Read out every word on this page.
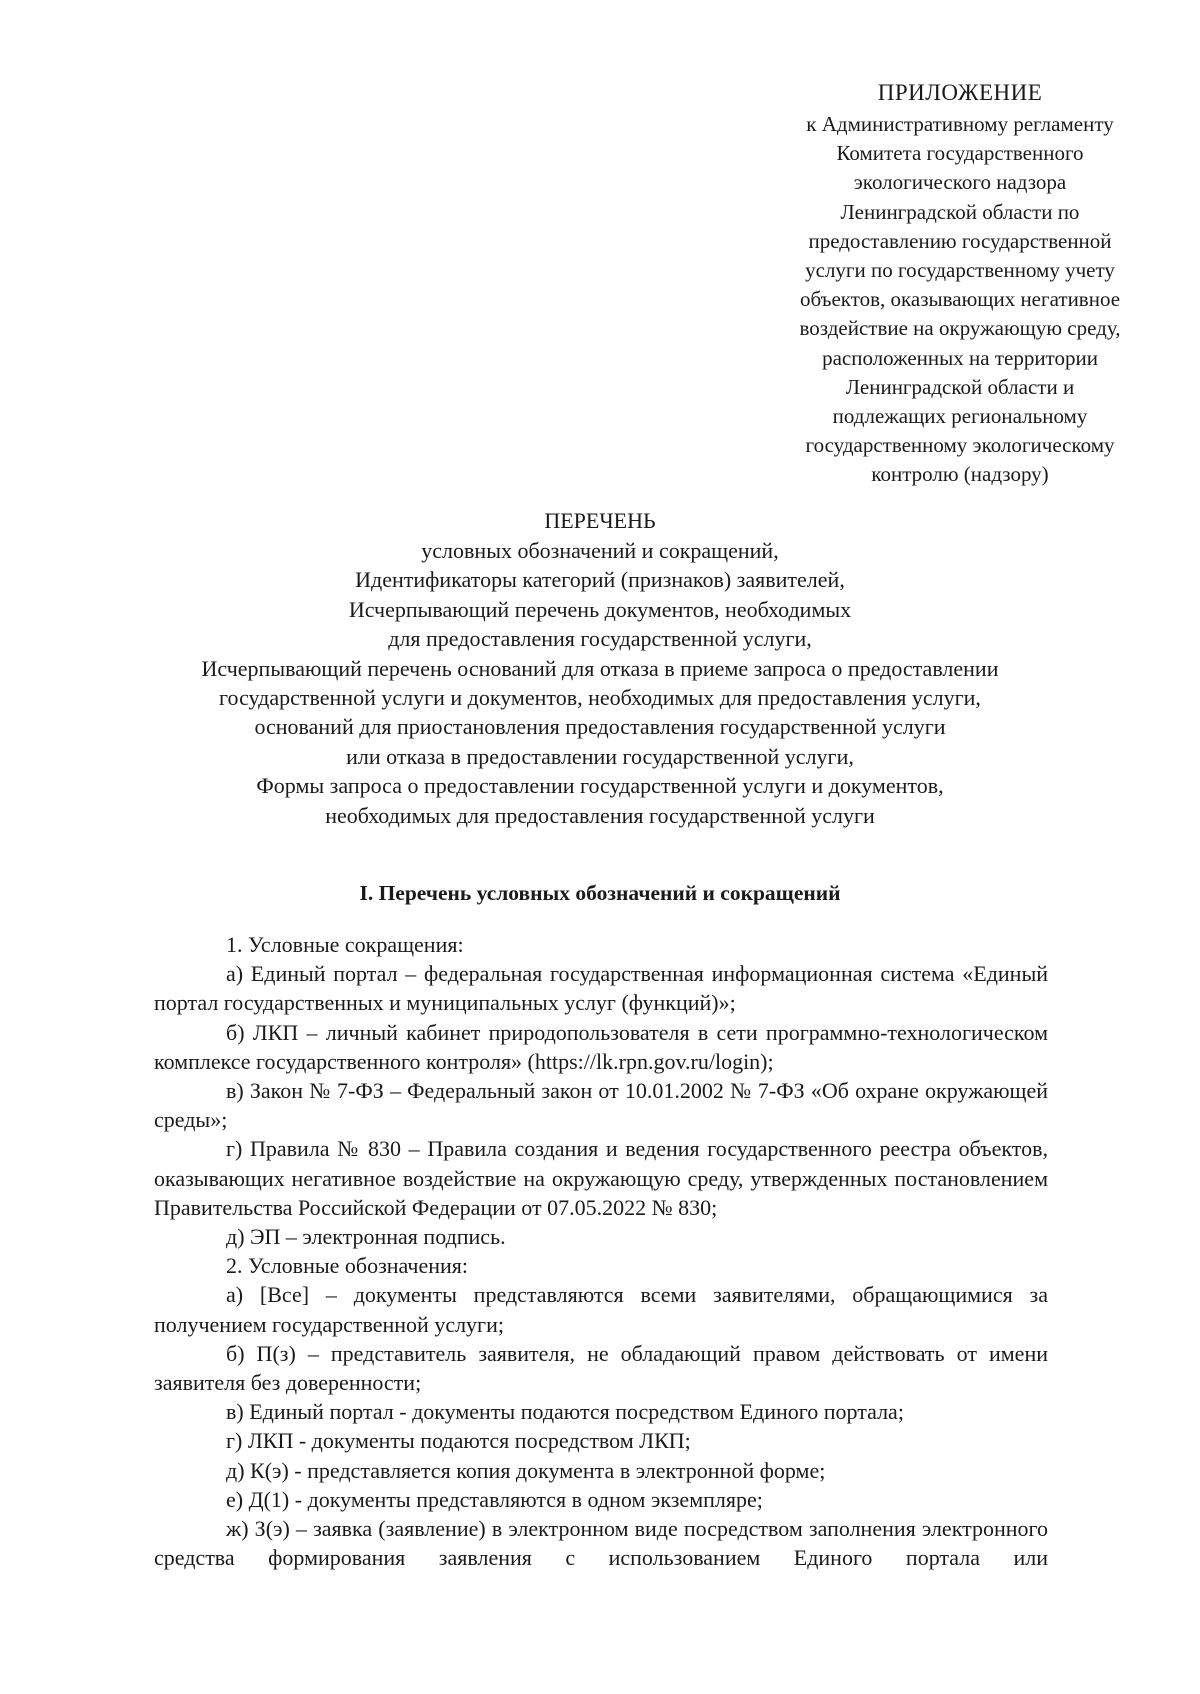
ПРИЛОЖЕНИЕ
к Административному регламенту
Комитета государственного
экологического надзора
Ленинградской области по
предоставлению государственной
услуги по государственному учету
объектов, оказывающих негативное
воздействие на окружающую среду,
расположенных на территории
Ленинградской области и
подлежащих региональному
государственному экологическому
контролю (надзору)
ПЕРЕЧЕНЬ
условных обозначений и сокращений,
Идентификаторы категорий (признаков) заявителей,
Исчерпывающий перечень документов, необходимых
для предоставления государственной услуги,
Исчерпывающий перечень оснований для отказа в приеме запроса о предоставлении
государственной услуги и документов, необходимых для предоставления услуги,
оснований для приостановления предоставления государственной услуги
или отказа в предоставлении государственной услуги,
Формы запроса о предоставлении государственной услуги и документов,
необходимых для предоставления государственной услуги
I. Перечень условных обозначений и сокращений

1. Условные сокращения:

а) Единый портал – федеральная государственная информационная система «Единый портал государственных и муниципальных услуг (функций)»;

б) ЛКП – личный кабинет природопользователя в сети программно-технологическом комплексе государственного контроля» (https://lk.rpn.gov.ru/login);

в) Закон № 7-ФЗ – Федеральный закон от 10.01.2002 № 7-ФЗ «Об охране окружающей среды»;

г) Правила № 830 – Правила создания и ведения государственного реестра объектов, оказывающих негативное воздействие на окружающую среду, утвержденных постановлением Правительства Российской Федерации от 07.05.2022 № 830;

д) ЭП – электронная подпись.

2. Условные обозначения:

а) [Все] – документы представляются всеми заявителями, обращающимися за получением государственной услуги;

б) П(з) – представитель заявителя, не обладающий правом действовать от имени заявителя без доверенности;

в) Единый портал - документы подаются посредством Единого портала;

г) ЛКП - документы подаются посредством ЛКП;

д) К(э) - представляется копия документа в электронной форме;

е) Д(1) - документы представляются в одном экземпляре;

ж) З(э) – заявка (заявление) в электронном виде посредством заполнения электронного средства формирования заявления с использованием Единого портала или
